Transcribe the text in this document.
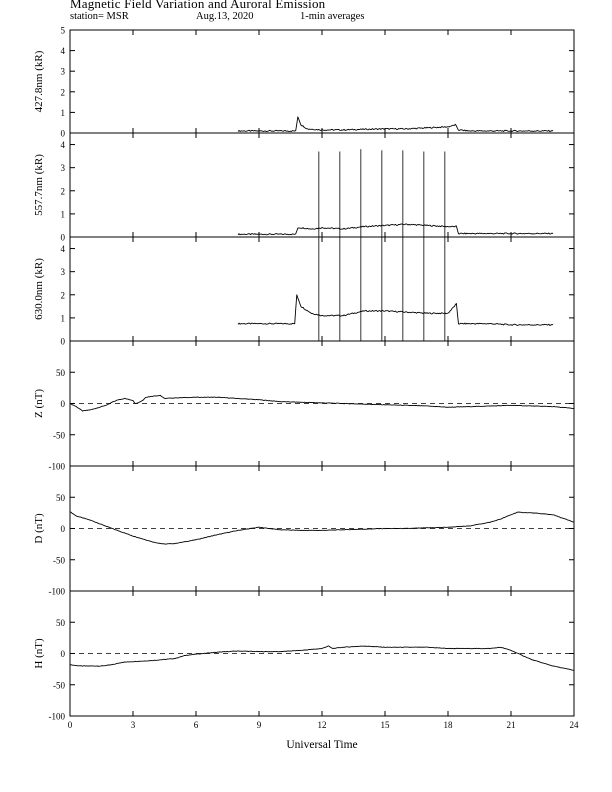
Magnetic Field Variation and Auroral Emission
station= MSR	Aug.13, 2020	1-min averages
0
1
2
3
4
5
427.8nm (kR)
0
1
2
3
4
557.7nm (kR)
0
1
2
3
4
630.0nm (kR)
-100
-50
0
50
Z (nT)
-100
-50
0
50
D (nT)
-100
-50
0
50
H (nT)
0	3	6	9	12	15	18	21	24
Universal Time
